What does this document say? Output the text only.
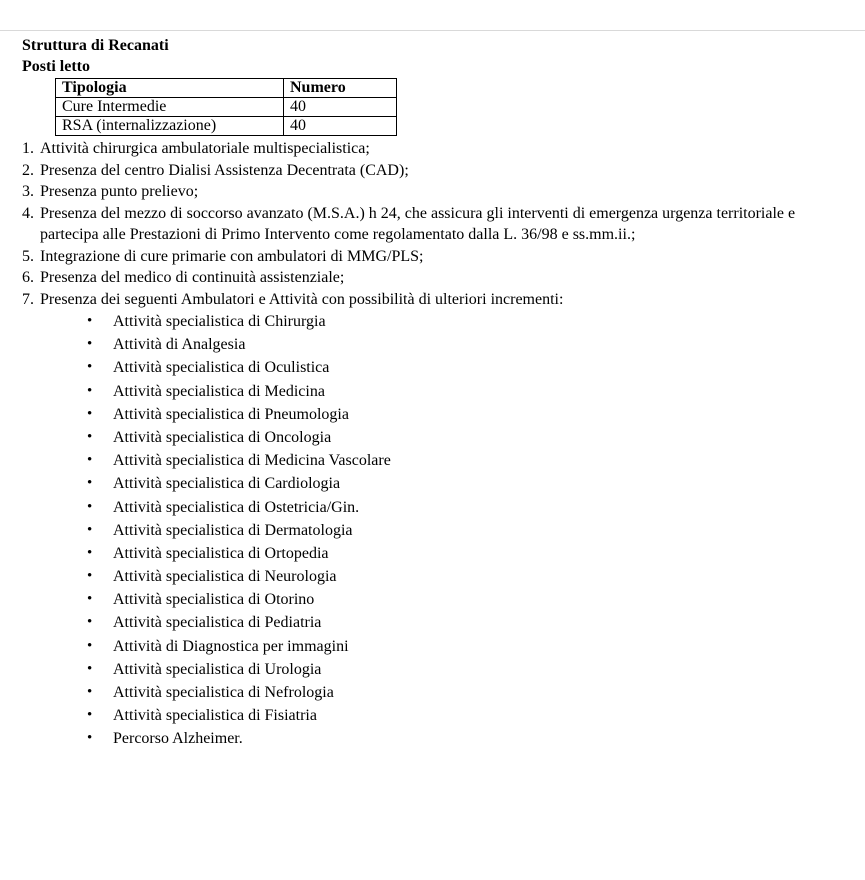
Struttura di Recanati
Posti letto
Tipologia	Numero
Cure Intermedie	40
RSA (internalizzazione)	40
1. Attività chirurgica ambulatoriale multispecialistica;
2. Presenza del centro Dialisi Assistenza Decentrata (CAD);
3. Presenza punto prelievo;
4. Presenza del mezzo di soccorso avanzato (M.S.A.) h 24, che assicura gli interventi di emergenza urgenza territoriale e partecipa alle Prestazioni di Primo Intervento come regolamentato dalla L. 36/98 e ss.mm.ii.;
5. Integrazione di cure primarie con ambulatori di MMG/PLS;
6. Presenza del medico di continuità assistenziale;
7. Presenza dei seguenti Ambulatori e Attività con possibilità di ulteriori incrementi:
• Attività specialistica di Chirurgia
• Attività di Analgesia
• Attività specialistica di Oculistica
• Attività specialistica di Medicina
• Attività specialistica di Pneumologia
• Attività specialistica di Oncologia
• Attività specialistica di Medicina Vascolare
• Attività specialistica di Cardiologia
• Attività specialistica di Ostetricia/Gin.
• Attività specialistica di Dermatologia
• Attività specialistica di Ortopedia
• Attività specialistica di Neurologia
• Attività specialistica di Otorino
• Attività specialistica di Pediatria
• Attività di Diagnostica per immagini
• Attività specialistica di Urologia
• Attività specialistica di Nefrologia
• Attività specialistica di Fisiatria
• Percorso Alzheimer.
